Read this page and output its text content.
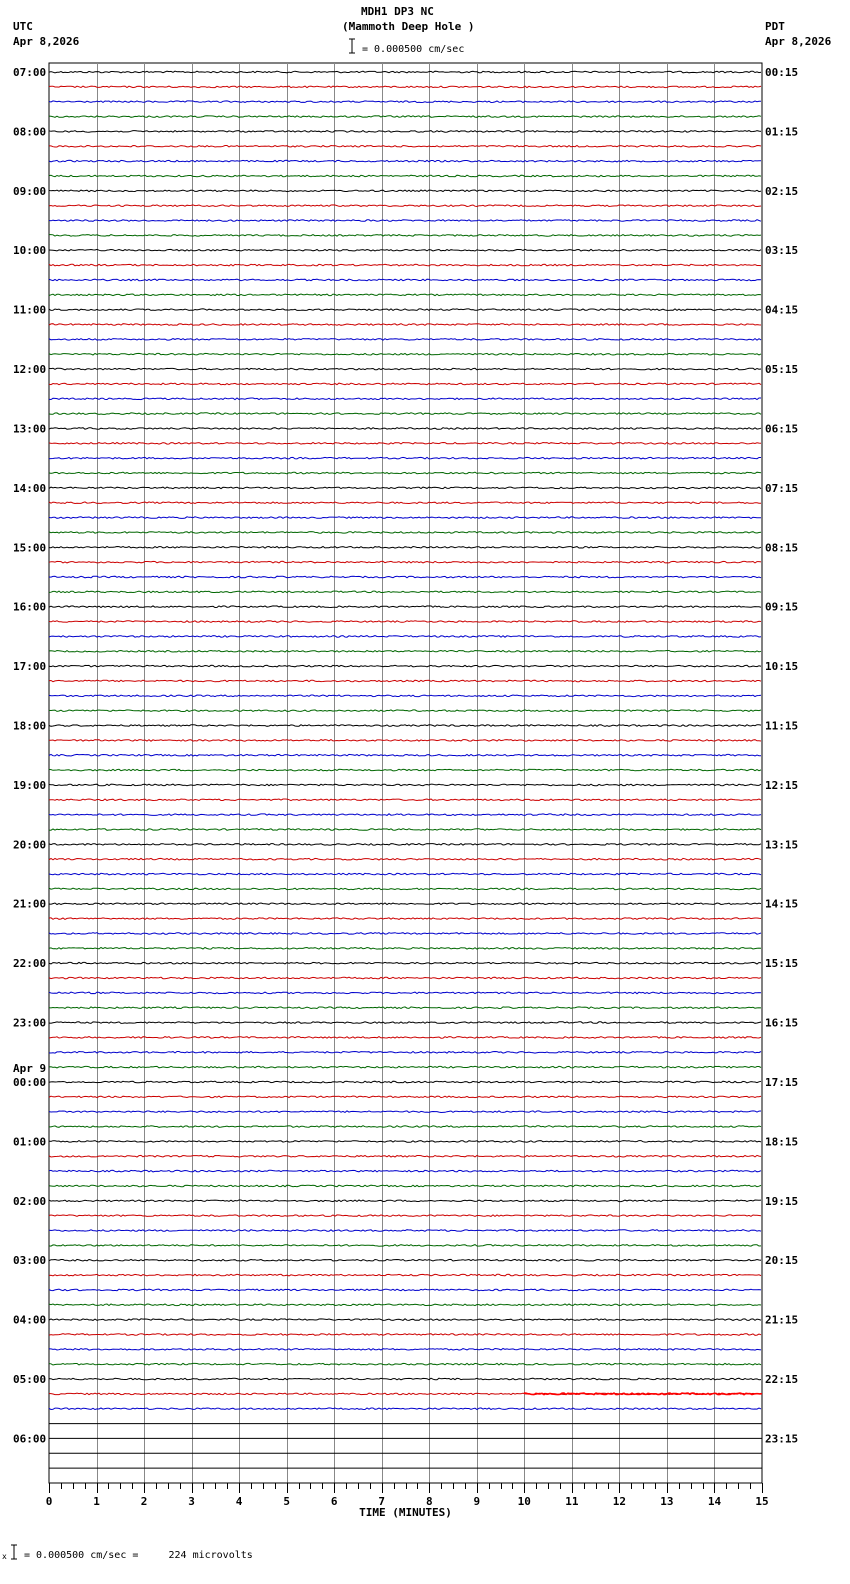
MDH1 DP3 NC
(Mammoth Deep Hole )
UTC
Apr 8,2026
PDT
Apr 8,2026
= 0.000500 cm/sec
07:00	00:15
08:00	01:15
09:00	02:15
10:00	03:15
11:00	04:15
12:00	05:15
13:00	06:15
14:00	07:15
15:00	08:15
16:00	09:15
17:00	10:15
18:00	11:15
19:00	12:15
20:00	13:15
21:00	14:15
22:00	15:15
23:00	16:15
00:00	17:15
01:00	18:15
02:00	19:15
03:00	20:15
04:00	21:15
05:00	22:15
06:00	23:15
Apr 9
0	1	2	3	4	5	6	7	8	9	10	11	12	13	14	15
TIME (MINUTES)
x = 0.000500 cm/sec =     224 microvolts
